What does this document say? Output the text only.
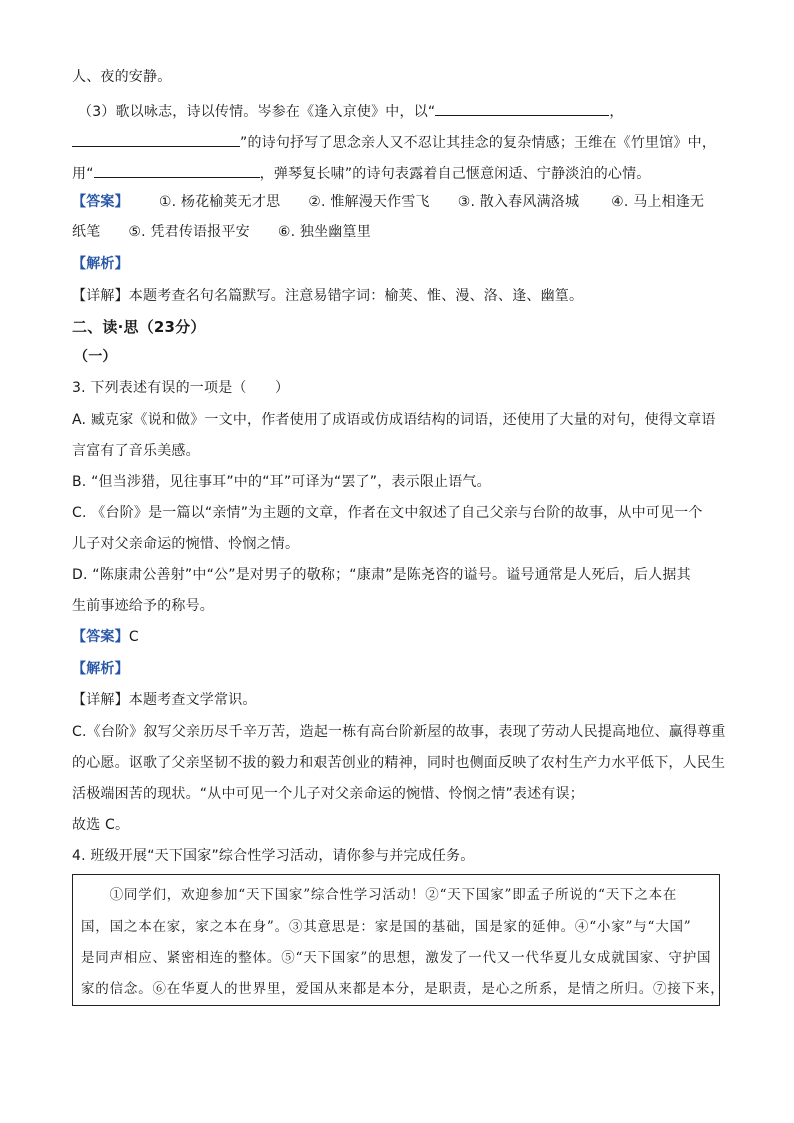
人、夜的安静。
（3）歌以咏志，诗以传情。岑参在《逢入京使》中，以“	，
”的诗句抒写了思念亲人又不忍让其挂念的复杂情感；王维在《竹里馆》中，
用“	，弹琴复长啸”的诗句表露着自己惬意闲适、宁静淡泊的心情。
【答案】 ①. 杨花榆荚无才思 ②. 惟解漫天作雪飞 ③. 散入春风满洛城 ④. 马上相逢无
纸笔 ⑤. 凭君传语报平安 ⑥. 独坐幽篁里
【解析】
【详解】本题考查名句名篇默写。注意易错字词：榆荚、惟、漫、洛、逢、幽篁。
二、读·思（23分）
（一）
3. 下列表述有误的一项是（　　）
A. 臧克家《说和做》一文中，作者使用了成语或仿成语结构的词语，还使用了大量的对句，使得文章语
言富有了音乐美感。
B. “但当涉猎，见往事耳”中的“耳”可译为“罢了”，表示限止语气。
C. 《台阶》是一篇以“亲情”为主题的文章，作者在文中叙述了自己父亲与台阶的故事，从中可见一个
儿子对父亲命运的惋惜、怜悯之情。
D. “陈康肃公善射”中“公”是对男子的敬称；“康肃”是陈尧咨的谥号。谥号通常是人死后，后人据其
生前事迹给予的称号。
【答案】C
【解析】
【详解】本题考查文学常识。
C.《台阶》叙写父亲历尽千辛万苦，造起一栋有高台阶新屋的故事，表现了劳动人民提高地位、赢得尊重
的心愿。讴歌了父亲坚韧不拔的毅力和艰苦创业的精神，同时也侧面反映了农村生产力水平低下，人民生
活极端困苦的现状。“从中可见一个儿子对父亲命运的惋惜、怜悯之情”表述有误；
故选 C。
4. 班级开展“天下国家”综合性学习活动，请你参与并完成任务。
　　①同学们，欢迎参加“天下国家”综合性学习活动！②“天下国家”即孟子所说的“天下之本在
国，国之本在家，家之本在身”。③其意思是：家是国的基础，国是家的延伸。④“小家”与“大国”
是同声相应、紧密相连的整体。⑤“天下国家”的思想，激发了一代又一代华夏儿女成就国家、守护国
家的信念。⑥在华夏人的世界里，爱国从来都是本分，是职责，是心之所系，是情之所归。⑦接下来，
